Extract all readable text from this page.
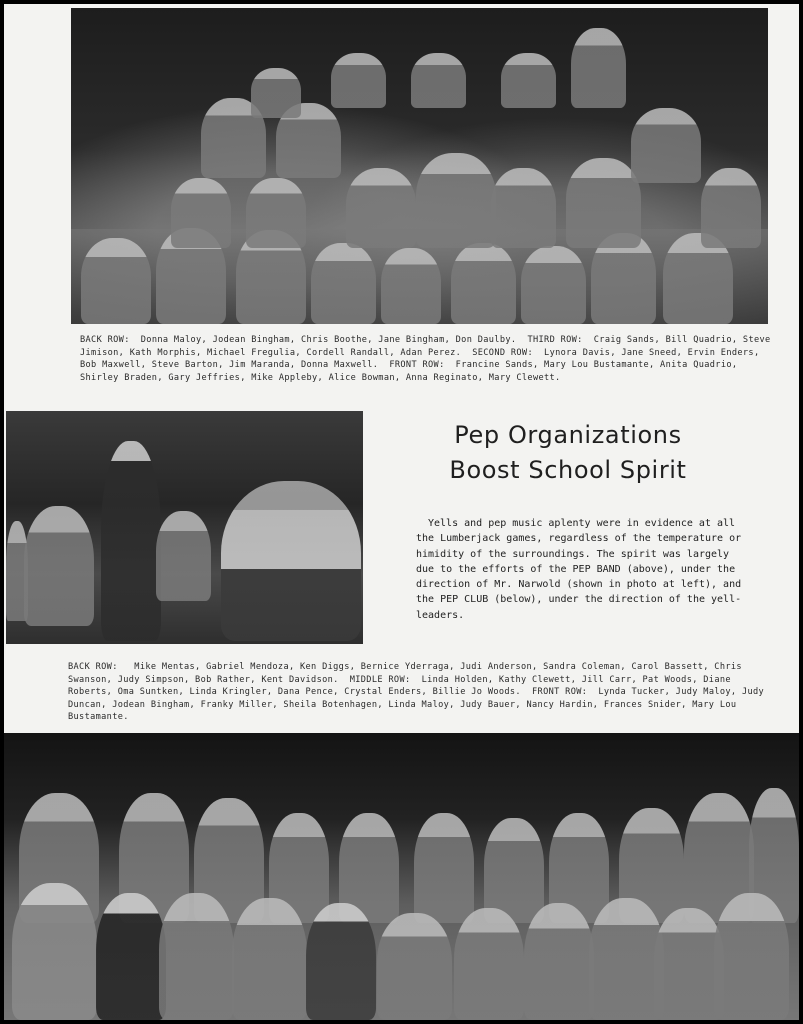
BACK ROW: Donna Maloy, Jodean Bingham, Chris Boothe, Jane Bingham, Don Daulby. THIRD ROW: Craig Sands, Bill Quadrio, Steve Jimison, Kath Morphis, Michael Fregulia, Cordell Randall, Adan Perez. SECOND ROW: Lynora Davis, Jane Sneed, Ervin Enders, Bob Maxwell, Steve Barton, Jim Maranda, Donna Maxwell. FRONT ROW: Francine Sands, Mary Lou Bustamante, Anita Quadrio, Shirley Braden, Gary Jeffries, Mike Appleby, Alice Bowman, Anna Reginato, Mary Clewett.

Pep Organizations
Boost School Spirit

Yells and pep music aplenty were in evidence at all the Lumberjack games, regardless of the temperature or himidity of the surroundings. The spirit was largely due to the efforts of the PEP BAND (above), under the direction of Mr. Narwold (shown in photo at left), and the PEP CLUB (below), under the direction of the yell-leaders.

BACK ROW: Mike Mentas, Gabriel Mendoza, Ken Diggs, Bernice Yderraga, Judi Anderson, Sandra Coleman, Carol Bassett, Chris Swanson, Judy Simpson, Bob Rather, Kent Davidson. MIDDLE ROW: Linda Holden, Kathy Clewett, Jill Carr, Pat Woods, Diane Roberts, Oma Suntken, Linda Kringler, Dana Pence, Crystal Enders, Billie Jo Woods. FRONT ROW: Lynda Tucker, Judy Maloy, Judy Duncan, Jodean Bingham, Franky Miller, Sheila Botenhagen, Linda Maloy, Judy Bauer, Nancy Hardin, Frances Snider, Mary Lou Bustamante.
